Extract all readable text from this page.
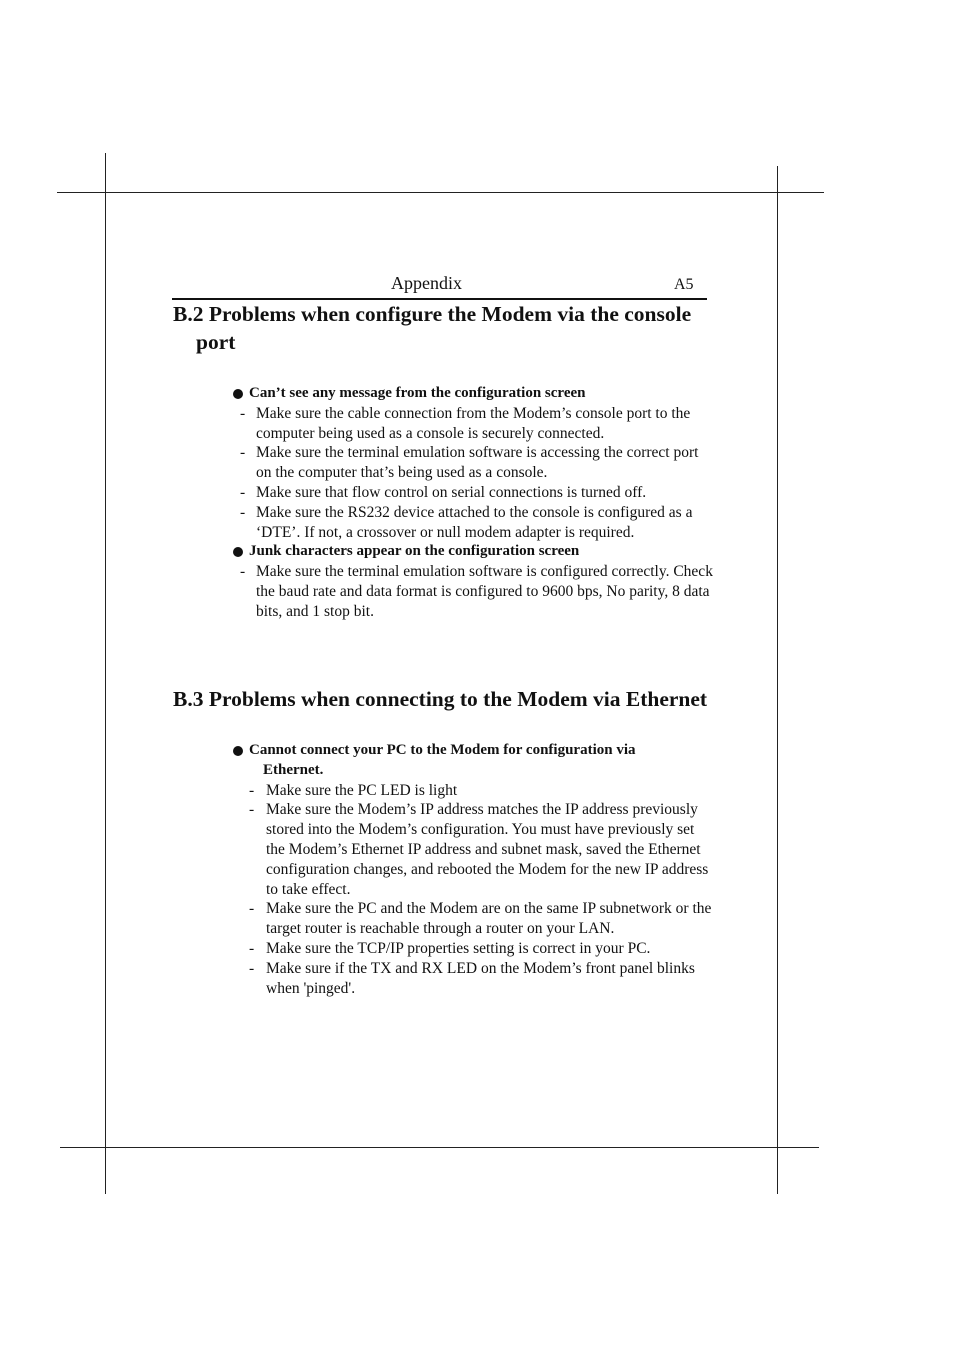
Appendix	A5
B.2 Problems when configure the Modem via the console port
Can’t see any message from the configuration screen

- Make sure the cable connection from the Modem’s console port to the computer being used as a console is securely connected.

- Make sure the terminal emulation software is accessing the correct port on the computer that’s being used as a console.

- Make sure that flow control on serial connections is turned off.

- Make sure the RS232 device attached to the console is configured as a ‘DTE’. If not, a crossover or null modem adapter is required.

Junk characters appear on the configuration screen

- Make sure the terminal emulation software is configured correctly. Check the baud rate and data format is configured to 9600 bps, No parity, 8 data bits, and 1 stop bit.

B.3 Problems when connecting to the Modem via Ethernet
Cannot connect your PC to the Modem for configuration via
Ethernet.

- Make sure the PC LED is light

- Make sure the Modem’s IP address matches the IP address previously stored into the Modem’s configuration. You must have previously set the Modem’s Ethernet IP address and subnet mask, saved the Ethernet configuration changes, and rebooted the Modem for the new IP address to take effect.

- Make sure the PC and the Modem are on the same IP subnetwork or the target router is reachable through a router on your LAN.

- Make sure the TCP/IP properties setting is correct in your PC.

- Make sure if the TX and RX LED on the Modem’s front panel blinks when 'pinged'.
